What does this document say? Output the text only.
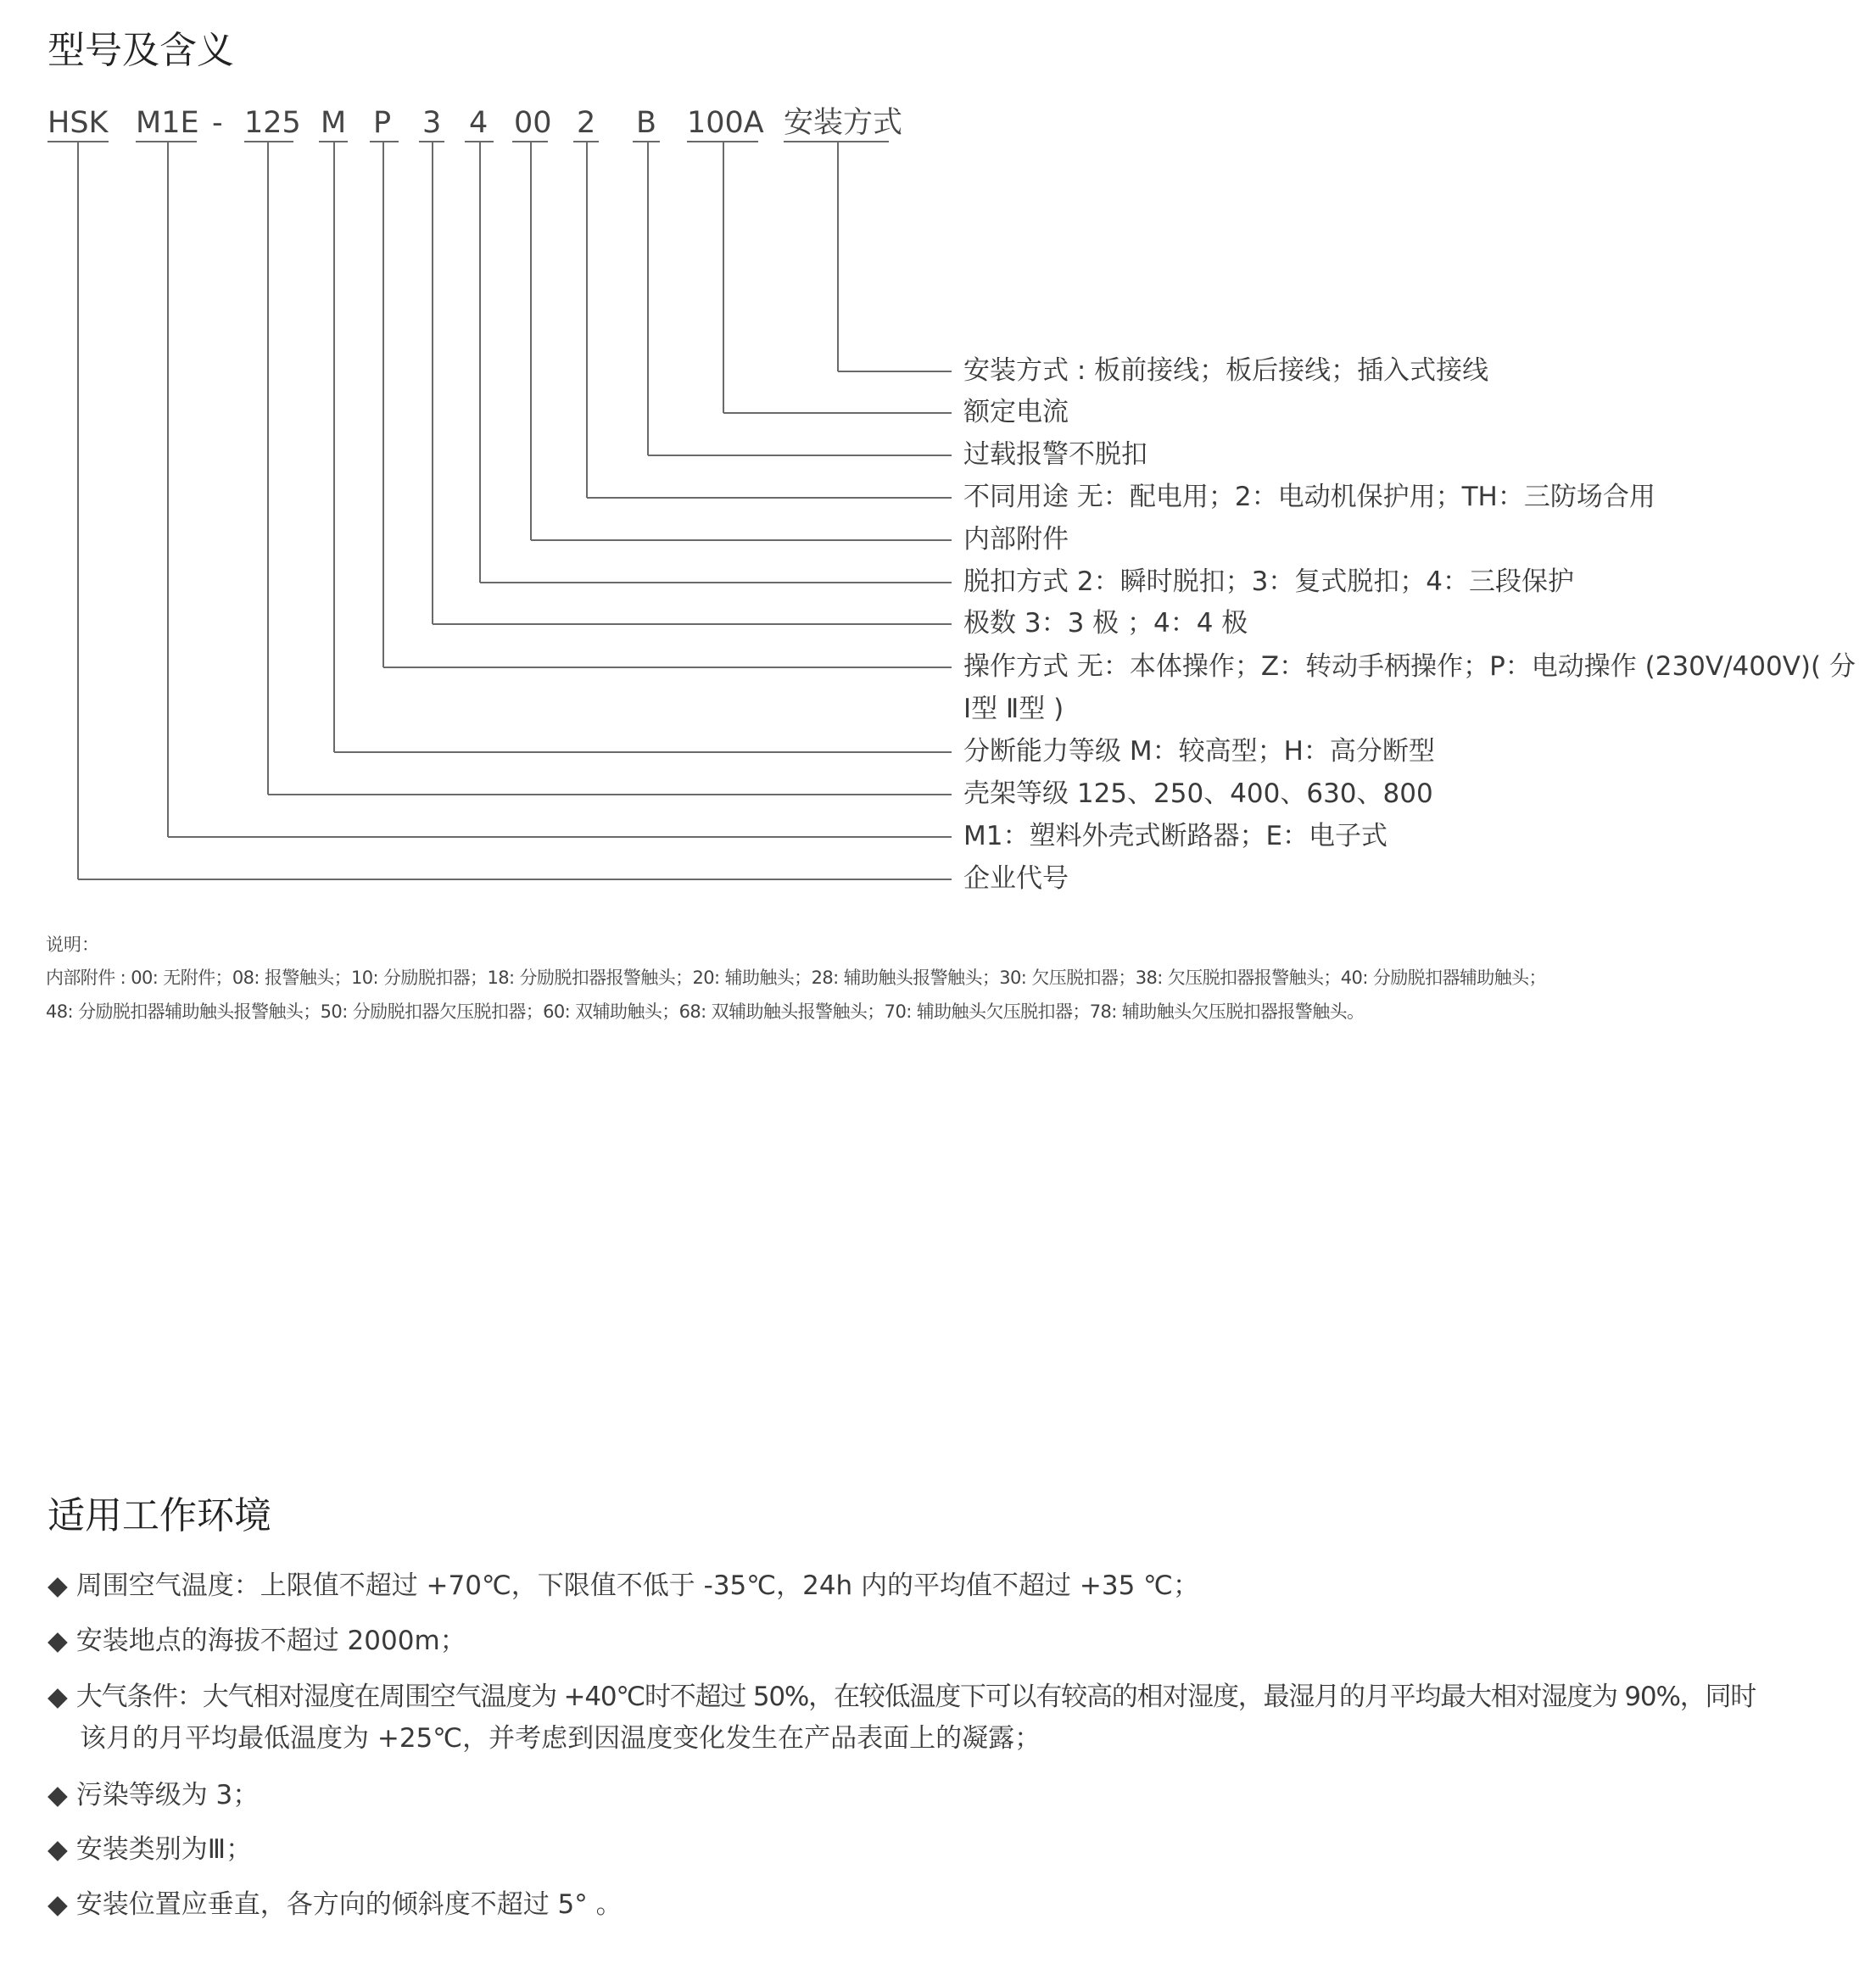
型号及含义
HSK M1E - 125 M P 3 4 00 2 B 100A 安装方式
安装方式 : 板前接线；板后接线；插入式接线
额定电流
过载报警不脱扣
不同用途 无：配电用；2：电动机保护用；TH：三防场合用
内部附件
脱扣方式 2：瞬时脱扣；3：复式脱扣；4：三段保护
极数 3：3 极 ；4：4 极
操作方式 无：本体操作；Z：转动手柄操作；P：电动操作 (230V/400V)( 分
Ⅰ型 Ⅱ型 )
分断能力等级 M：较高型；H：高分断型
壳架等级 125、250、400、630、800
M1：塑料外壳式断路器；E：电子式
企业代号
说明：
内部附件 : 00: 无附件；08: 报警触头；10: 分励脱扣器；18: 分励脱扣器报警触头；20: 辅助触头；28: 辅助触头报警触头；30: 欠压脱扣器；38: 欠压脱扣器报警触头；40: 分励脱扣器辅助触头；
48: 分励脱扣器辅助触头报警触头；50: 分励脱扣器欠压脱扣器；60: 双辅助触头；68: 双辅助触头报警触头；70: 辅助触头欠压脱扣器；78: 辅助触头欠压脱扣器报警触头。
适用工作环境
◆ 周围空气温度：上限值不超过 +70℃，下限值不低于 -35℃，24h 内的平均值不超过 +35 ℃；
◆ 安装地点的海拔不超过 2000m；
◆ 大气条件：大气相对湿度在周围空气温度为 +40℃时不超过 50%，在较低温度下可以有较高的相对湿度，最湿月的月平均最大相对湿度为 90%，同时
该月的月平均最低温度为 +25℃，并考虑到因温度变化发生在产品表面上的凝露；
◆ 污染等级为 3；
◆ 安装类别为Ⅲ；
◆ 安装位置应垂直，各方向的倾斜度不超过 5° 。
